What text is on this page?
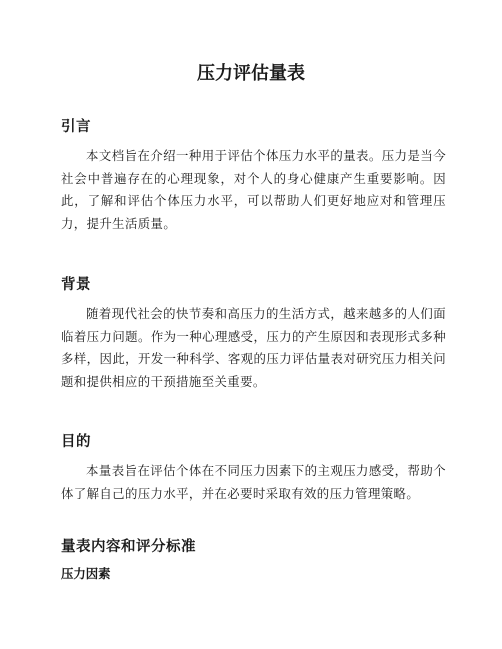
压力评估量表
引言

本文档旨在介绍一种用于评估个体压力水平的量表。压力是当今社会中普遍存在的心理现象，对个人的身心健康产生重要影响。因此，了解和评估个体压力水平，可以帮助人们更好地应对和管理压力，提升生活质量。

背景

随着现代社会的快节奏和高压力的生活方式，越来越多的人们面临着压力问题。作为一种心理感受，压力的产生原因和表现形式多种多样，因此，开发一种科学、客观的压力评估量表对研究压力相关问题和提供相应的干预措施至关重要。

目的

本量表旨在评估个体在不同压力因素下的主观压力感受，帮助个体了解自己的压力水平，并在必要时采取有效的压力管理策略。

量表内容和评分标准
压力因素
